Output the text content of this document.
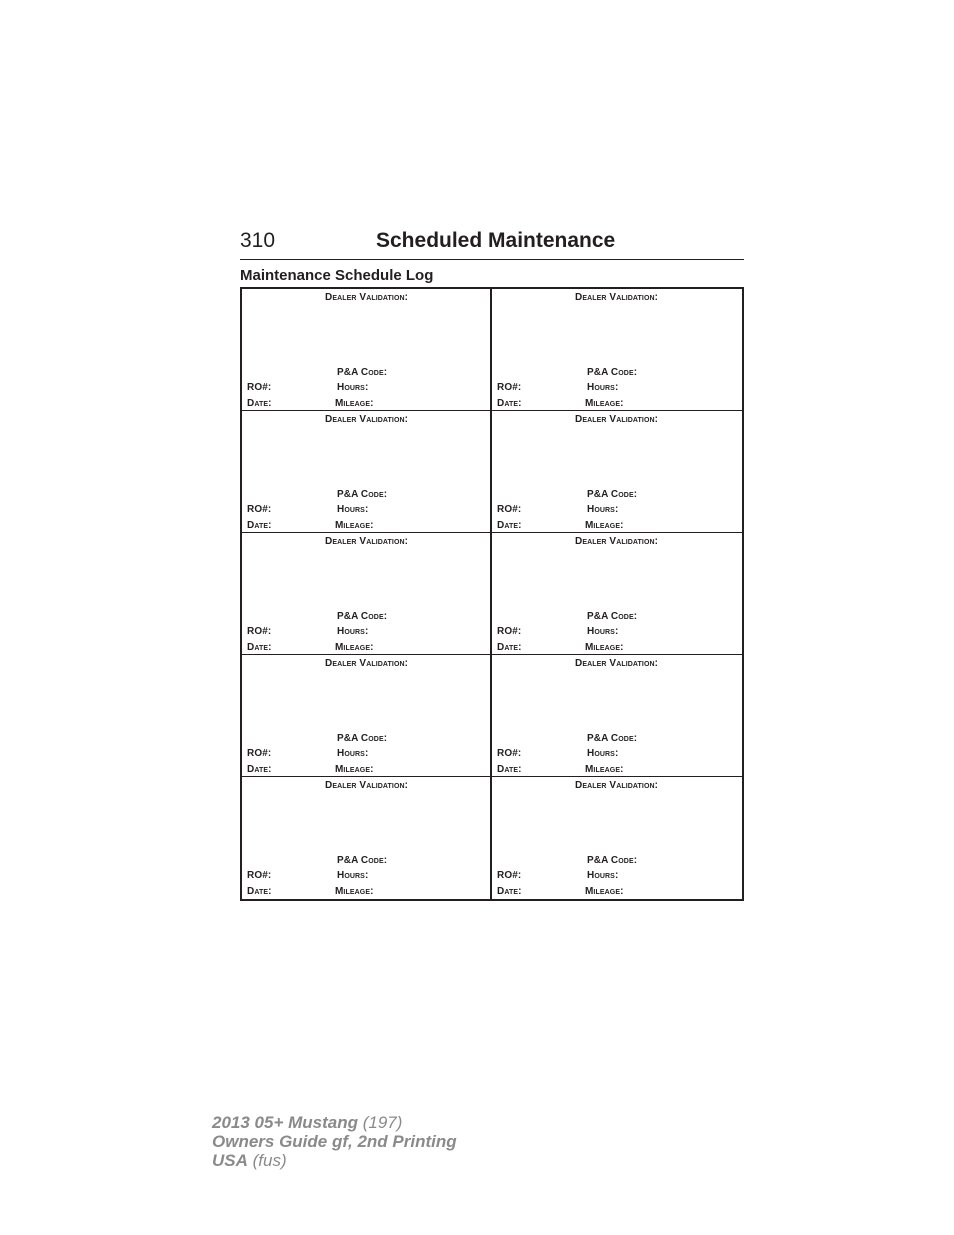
310	Scheduled Maintenance
Maintenance Schedule Log
Dealer Validation:
P&A Code:
RO#:	Hours:
Date:	Mileage:
Dealer Validation:
P&A Code:
RO#:	Hours:
Date:	Mileage:
Dealer Validation:
P&A Code:
RO#:	Hours:
Date:	Mileage:
Dealer Validation:
P&A Code:
RO#:	Hours:
Date:	Mileage:
Dealer Validation:
P&A Code:
RO#:	Hours:
Date:	Mileage:
Dealer Validation:
P&A Code:
RO#:	Hours:
Date:	Mileage:
Dealer Validation:
P&A Code:
RO#:	Hours:
Date:	Mileage:
Dealer Validation:
P&A Code:
RO#:	Hours:
Date:	Mileage:
Dealer Validation:
P&A Code:
RO#:	Hours:
Date:	Mileage:
Dealer Validation:
P&A Code:
RO#:	Hours:
Date:	Mileage:
2013 05+ Mustang (197)
Owners Guide gf, 2nd Printing
USA (fus)
